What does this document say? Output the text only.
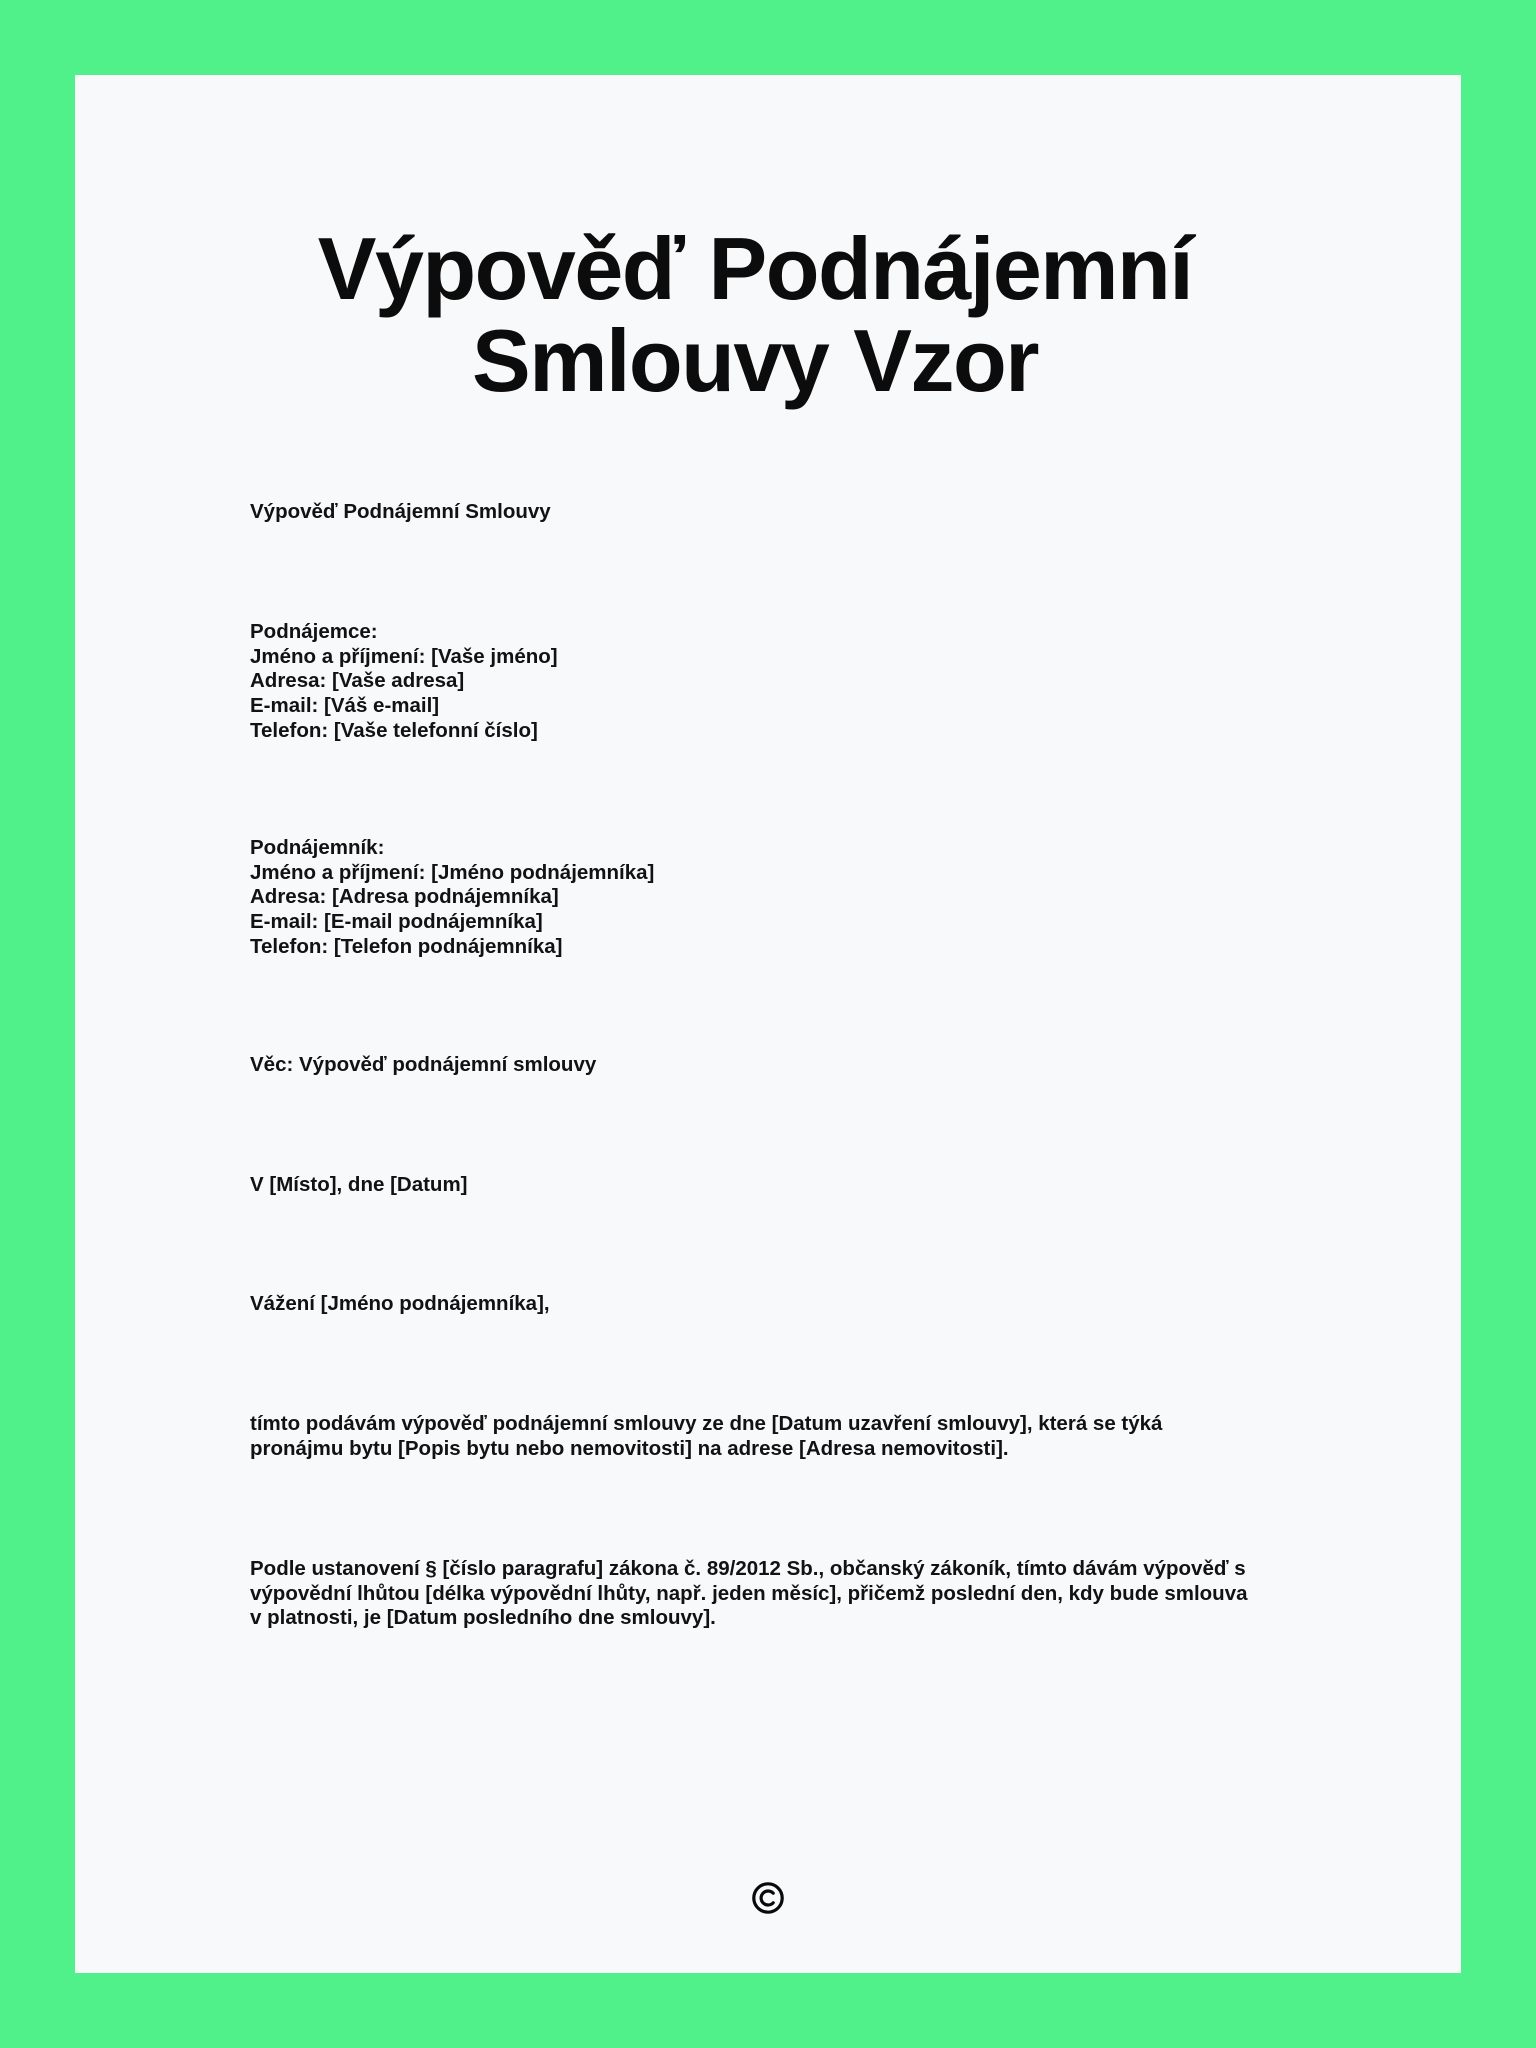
Výpověď Podnájemní Smlouvy Vzor

Výpověď Podnájemní Smlouvy

Podnájemce:
Jméno a příjmení: [Vaše jméno]
Adresa: [Vaše adresa]
E-mail: [Váš e-mail]
Telefon: [Vaše telefonní číslo]
Podnájemník:
Jméno a příjmení: [Jméno podnájemníka]
Adresa: [Adresa podnájemníka]
E-mail: [E-mail podnájemníka]
Telefon: [Telefon podnájemníka]

Věc: Výpověď podnájemní smlouvy

V [Místo], dne [Datum]

Vážení [Jméno podnájemníka],

tímto podávám výpověď podnájemní smlouvy ze dne [Datum uzavření smlouvy], která se týká pronájmu bytu [Popis bytu nebo nemovitosti] na adrese [Adresa nemovitosti].

Podle ustanovení § [číslo paragrafu] zákona č. 89/2012 Sb., občanský zákoník, tímto dávám výpověď s výpovědní lhůtou [délka výpovědní lhůty, např. jeden měsíc], přičemž poslední den, kdy bude smlouva v platnosti, je [Datum posledního dne smlouvy].
